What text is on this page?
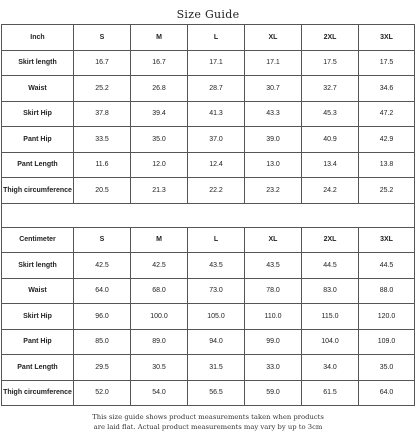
Size Guide
Inch	S	M	L	XL	2XL	3XL
Skirt length	16.7	16.7	17.1	17.1	17.5	17.5
Waist	25.2	26.8	28.7	30.7	32.7	34.6
Skirt Hip	37.8	39.4	41.3	43.3	45.3	47.2
Pant Hip	33.5	35.0	37.0	39.0	40.9	42.9
Pant Length	11.6	12.0	12.4	13.0	13.4	13.8
Thigh circumference	20.5	21.3	22.2	23.2	24.2	25.2

Centimeter	S	M	L	XL	2XL	3XL
Skirt length	42.5	42.5	43.5	43.5	44.5	44.5
Waist	64.0	68.0	73.0	78.0	83.0	88.0
Skirt Hip	96.0	100.0	105.0	110.0	115.0	120.0
Pant Hip	85.0	89.0	94.0	99.0	104.0	109.0
Pant Length	29.5	30.5	31.5	33.0	34.0	35.0
Thigh circumference	52.0	54.0	56.5	59.0	61.5	64.0
This size guide shows product measurements taken when products
are laid flat. Actual product measurements may vary by up to 3cm
